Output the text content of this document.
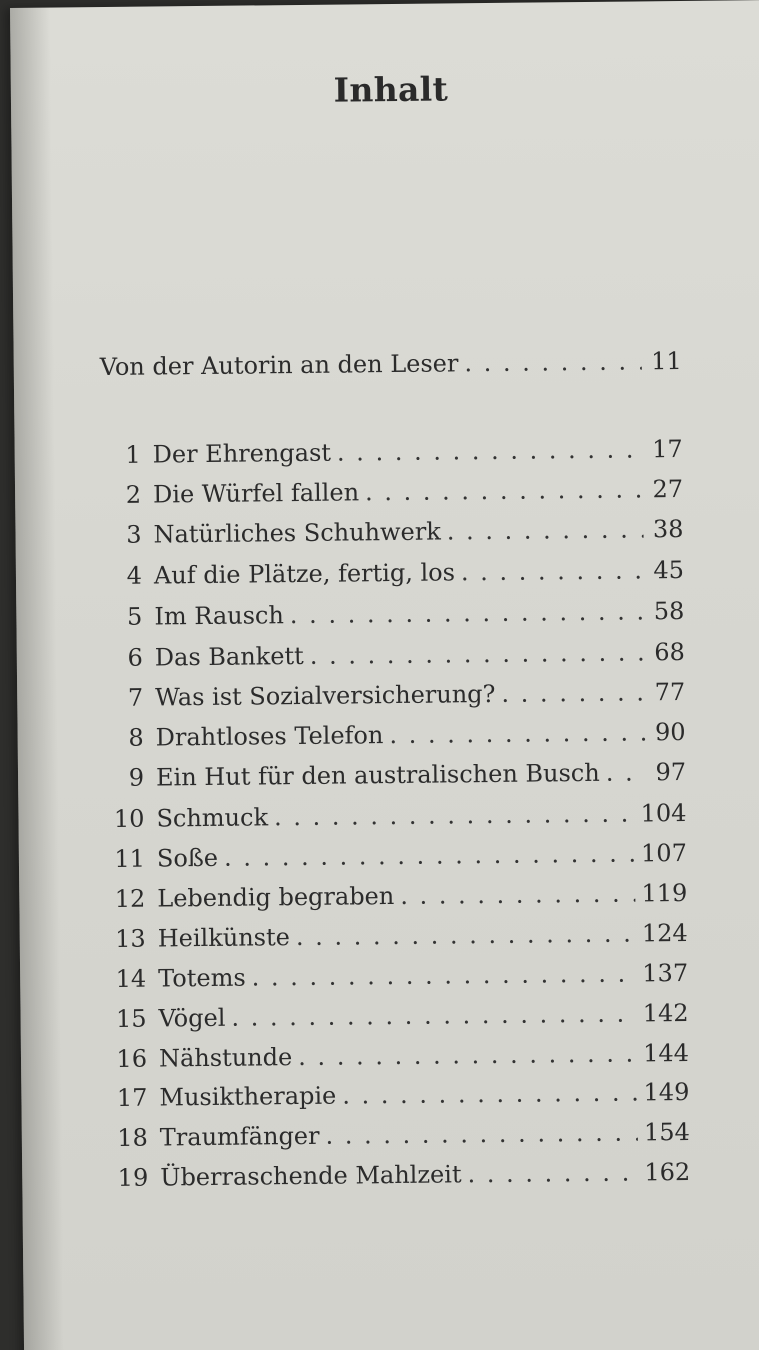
Inhalt
Von der Autorin an den Leser . . .	11
1 Der Ehrengast . . .	17
2 Die Würfel fallen . . .	27
3 Natürliches Schuhwerk . . .	38
4 Auf die Plätze, fertig, los . . .	45
5 Im Rausch . . .	58
6 Das Bankett . . .	68
7 Was ist Sozialversicherung? . . .	77
8 Drahtloses Telefon . . .	90
9 Ein Hut für den australischen Busch . . . 97
10 Schmuck . . .	104
11 Soße . . .	107
12 Lebendig begraben . . .	119
13 Heilkünste . . .	124
14 Totems . . .	137
15 Vögel . . .	142
16 Nähstunde . . .	144
17 Musiktherapie . . .	149
18 Traumfänger . . .	154
19 Überraschende Mahlzeit . . .	162
